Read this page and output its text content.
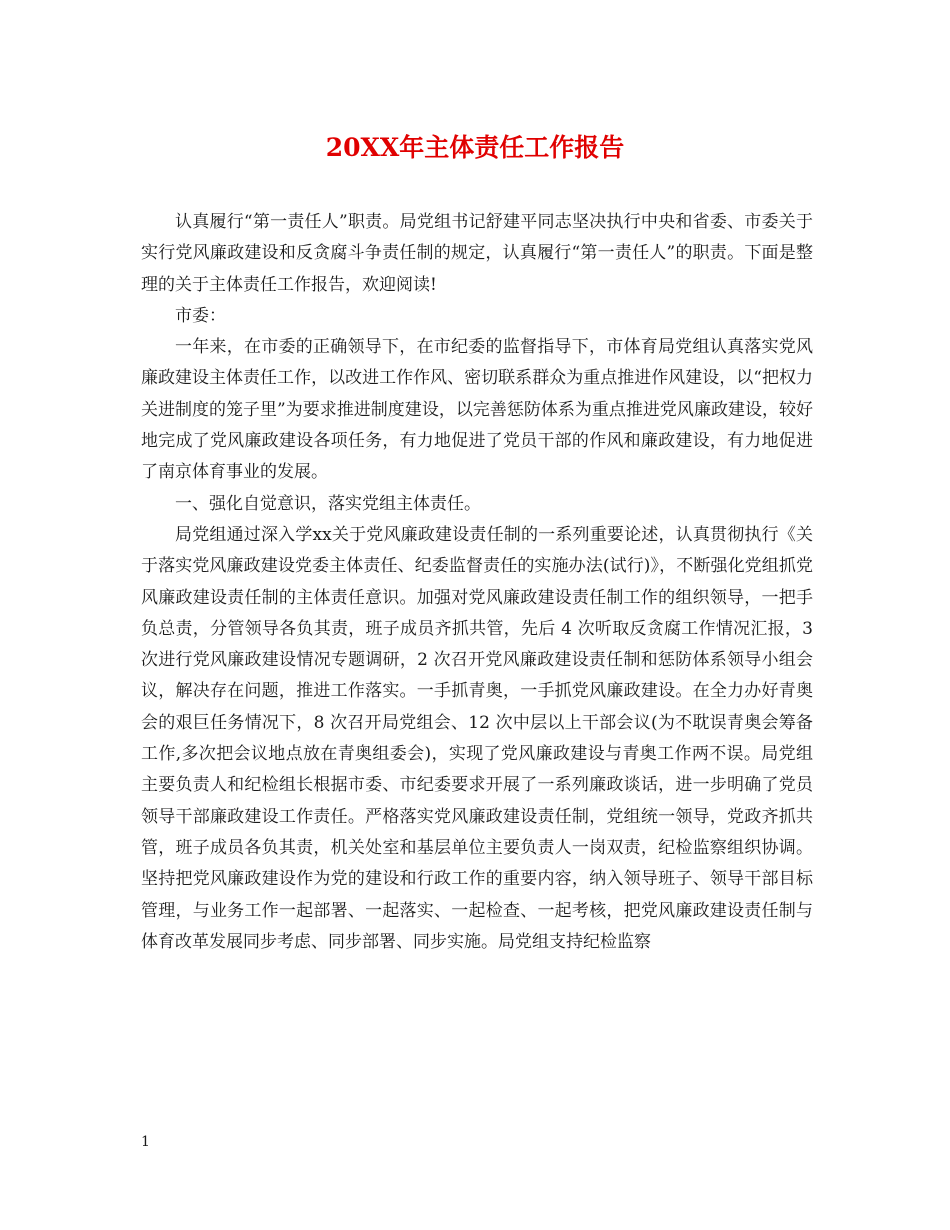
20XX年主体责任工作报告

认真履行“第一责任人”职责。局党组书记舒建平同志坚决执行中央和省委、市委关于实行党风廉政建设和反贪腐斗争责任制的规定，认真履行“第一责任人”的职责。下面是整理的关于主体责任工作报告，欢迎阅读!

市委：

一年来，在市委的正确领导下，在市纪委的监督指导下，市体育局党组认真落实党风廉政建设主体责任工作，以改进工作作风、密切联系群众为重点推进作风建设，以“把权力关进制度的笼子里”为要求推进制度建设，以完善惩防体系为重点推进党风廉政建设，较好地完成了党风廉政建设各项任务，有力地促进了党员干部的作风和廉政建设，有力地促进了南京体育事业的发展。

一、强化自觉意识，落实党组主体责任。

局党组通过深入学xx关于党风廉政建设责任制的一系列重要论述，认真贯彻执行《关于落实党风廉政建设党委主体责任、纪委监督责任的实施办法(试行)》，不断强化党组抓党风廉政建设责任制的主体责任意识。加强对党风廉政建设责任制工作的组织领导，一把手负总责，分管领导各负其责，班子成员齐抓共管，先后 4 次听取反贪腐工作情况汇报，3 次进行党风廉政建设情况专题调研，2 次召开党风廉政建设责任制和惩防体系领导小组会议，解决存在问题，推进工作落实。一手抓青奥，一手抓党风廉政建设。在全力办好青奥会的艰巨任务情况下，8 次召开局党组会、12 次中层以上干部会议(为不耽误青奥会筹备工作,多次把会议地点放在青奥组委会)，实现了党风廉政建设与青奥工作两不误。局党组主要负责人和纪检组长根据市委、市纪委要求开展了一系列廉政谈话，进一步明确了党员领导干部廉政建设工作责任。严格落实党风廉政建设责任制，党组统一领导，党政齐抓共管，班子成员各负其责，机关处室和基层单位主要负责人一岗双责，纪检监察组织协调。坚持把党风廉政建设作为党的建设和行政工作的重要内容，纳入领导班子、领导干部目标管理，与业务工作一起部署、一起落实、一起检查、一起考核，把党风廉政建设责任制与体育改革发展同步考虑、同步部署、同步实施。局党组支持纪检监察

1
